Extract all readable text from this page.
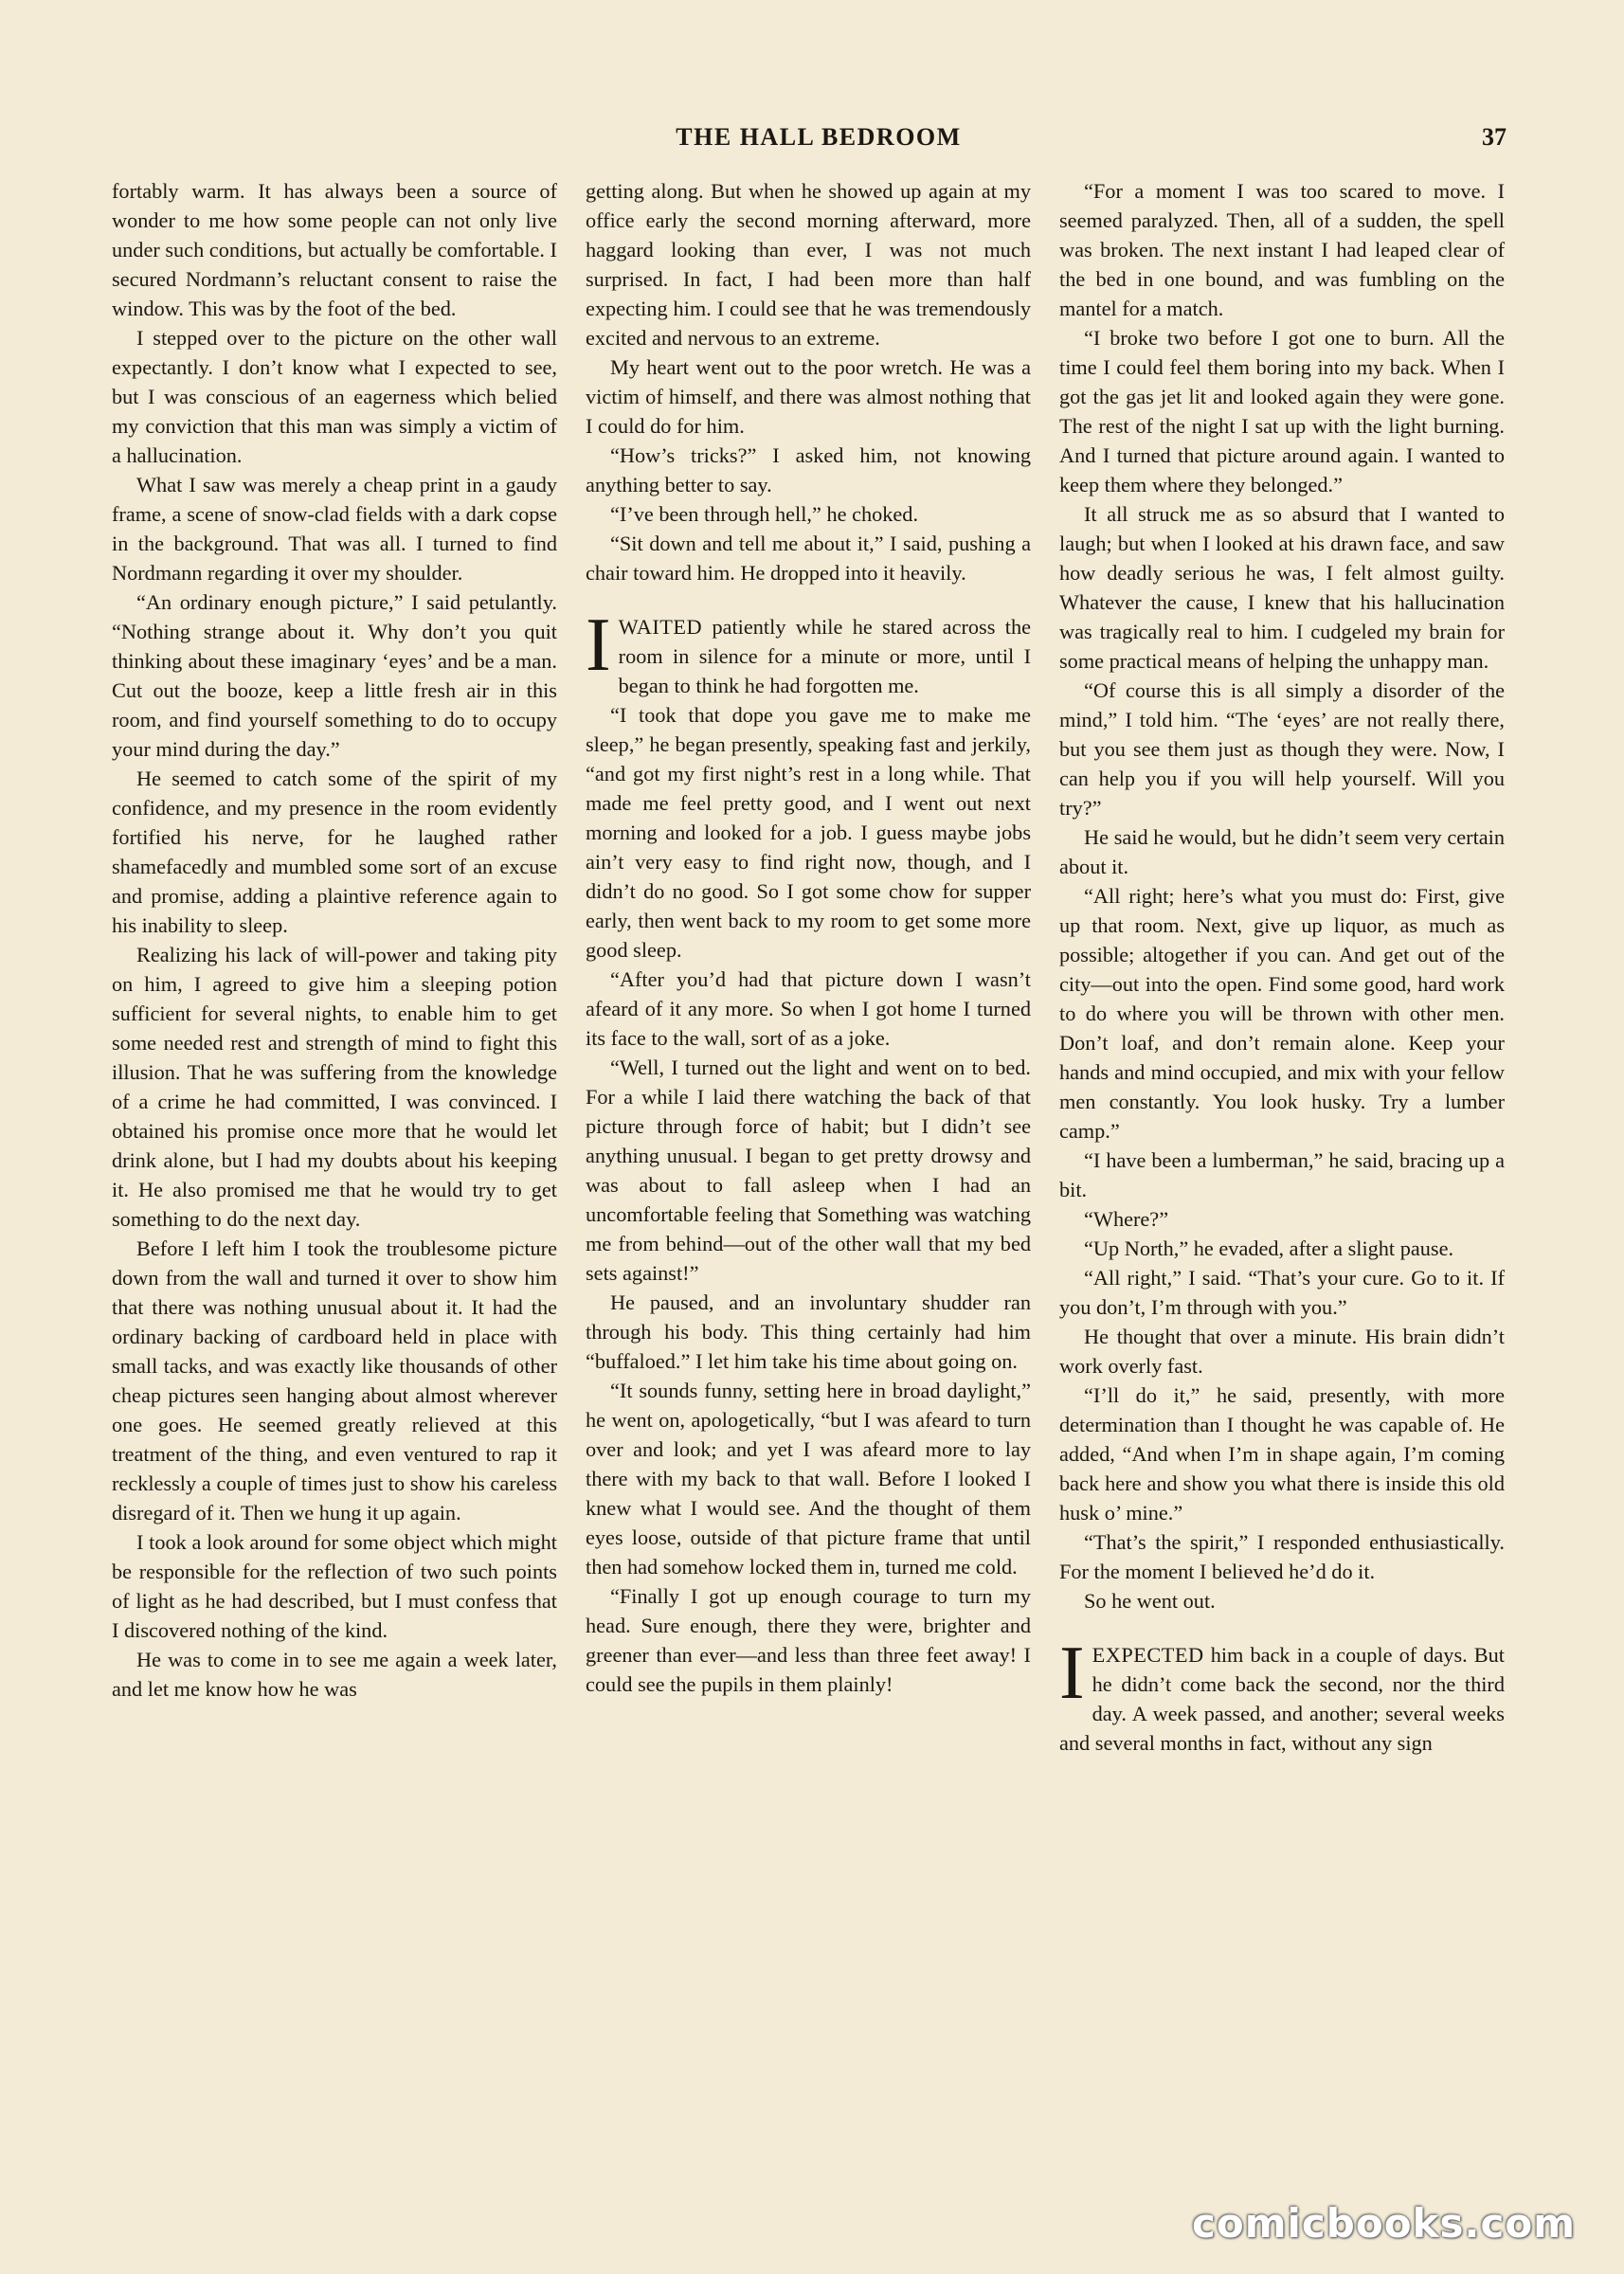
THE HALL BEDROOM	37

fortably warm. It has always been a source of wonder to me how some people can not only live under such conditions, but actually be comfortable. I secured Nordmann’s reluctant consent to raise the window. This was by the foot of the bed.

I stepped over to the picture on the other wall expectantly. I don’t know what I expected to see, but I was conscious of an eagerness which belied my conviction that this man was simply a victim of a hallucination.

What I saw was merely a cheap print in a gaudy frame, a scene of snow-clad fields with a dark copse in the background. That was all. I turned to find Nordmann regarding it over my shoulder.

“An ordinary enough picture,” I said petulantly. “Nothing strange about it. Why don’t you quit thinking about these imaginary ‘eyes’ and be a man. Cut out the booze, keep a little fresh air in this room, and find yourself something to do to occupy your mind during the day.”

He seemed to catch some of the spirit of my confidence, and my presence in the room evidently fortified his nerve, for he laughed rather shamefacedly and mumbled some sort of an excuse and promise, adding a plaintive reference again to his inability to sleep.

Realizing his lack of will-power and taking pity on him, I agreed to give him a sleeping potion sufficient for several nights, to enable him to get some needed rest and strength of mind to fight this illusion. That he was suffering from the knowledge of a crime he had committed, I was convinced. I obtained his promise once more that he would let drink alone, but I had my doubts about his keeping it. He also promised me that he would try to get something to do the next day.

Before I left him I took the troublesome picture down from the wall and turned it over to show him that there was nothing unusual about it. It had the ordinary backing of cardboard held in place with small tacks, and was exactly like thousands of other cheap pictures seen hanging about almost wherever one goes. He seemed greatly relieved at this treatment of the thing, and even ventured to rap it recklessly a couple of times just to show his careless disregard of it. Then we hung it up again.

I took a look around for some object which might be responsible for the reflection of two such points of light as he had described, but I must confess that I discovered nothing of the kind.

He was to come in to see me again a week later, and let me know how he was

getting along. But when he showed up again at my office early the second morning afterward, more haggard looking than ever, I was not much surprised. In fact, I had been more than half expecting him. I could see that he was tremendously excited and nervous to an extreme.

My heart went out to the poor wretch. He was a victim of himself, and there was almost nothing that I could do for him.

“How’s tricks?” I asked him, not knowing anything better to say.

“I’ve been through hell,” he choked.

“Sit down and tell me about it,” I said, pushing a chair toward him. He dropped into it heavily.

IWAITED patiently while he stared across the room in silence for a minute or more, until I began to think he had forgotten me.

“I took that dope you gave me to make me sleep,” he began presently, speaking fast and jerkily, “and got my first night’s rest in a long while. That made me feel pretty good, and I went out next morning and looked for a job. I guess maybe jobs ain’t very easy to find right now, though, and I didn’t do no good. So I got some chow for supper early, then went back to my room to get some more good sleep.

“After you’d had that picture down I wasn’t afeard of it any more. So when I got home I turned its face to the wall, sort of as a joke.

“Well, I turned out the light and went on to bed. For a while I laid there watching the back of that picture through force of habit; but I didn’t see anything unusual. I began to get pretty drowsy and was about to fall asleep when I had an uncomfortable feeling that Something was watching me from behind—out of the other wall that my bed sets against!”

He paused, and an involuntary shudder ran through his body. This thing certainly had him “buffaloed.” I let him take his time about going on.

“It sounds funny, setting here in broad daylight,” he went on, apologetically, “but I was afeard to turn over and look; and yet I was afeard more to lay there with my back to that wall. Before I looked I knew what I would see. And the thought of them eyes loose, outside of that picture frame that until then had somehow locked them in, turned me cold.

“Finally I got up enough courage to turn my head. Sure enough, there they were, brighter and greener than ever—and less than three feet away! I could see the pupils in them plainly!

“For a moment I was too scared to move. I seemed paralyzed. Then, all of a sudden, the spell was broken. The next instant I had leaped clear of the bed in one bound, and was fumbling on the mantel for a match.

“I broke two before I got one to burn. All the time I could feel them boring into my back. When I got the gas jet lit and looked again they were gone. The rest of the night I sat up with the light burning. And I turned that picture around again. I wanted to keep them where they belonged.”

It all struck me as so absurd that I wanted to laugh; but when I looked at his drawn face, and saw how deadly serious he was, I felt almost guilty. Whatever the cause, I knew that his hallucination was tragically real to him. I cudgeled my brain for some practical means of helping the unhappy man.

“Of course this is all simply a disorder of the mind,” I told him. “The ‘eyes’ are not really there, but you see them just as though they were. Now, I can help you if you will help yourself. Will you try?”

He said he would, but he didn’t seem very certain about it.

“All right; here’s what you must do: First, give up that room. Next, give up liquor, as much as possible; altogether if you can. And get out of the city—out into the open. Find some good, hard work to do where you will be thrown with other men. Don’t loaf, and don’t remain alone. Keep your hands and mind occupied, and mix with your fellow men constantly. You look husky. Try a lumber camp.”

“I have been a lumberman,” he said, bracing up a bit.

“Where?”

“Up North,” he evaded, after a slight pause.

“All right,” I said. “That’s your cure. Go to it. If you don’t, I’m through with you.”

He thought that over a minute. His brain didn’t work overly fast.

“I’ll do it,” he said, presently, with more determination than I thought he was capable of. He added, “And when I’m in shape again, I’m coming back here and show you what there is inside this old husk o’ mine.”

“That’s the spirit,” I responded enthusiastically. For the moment I believed he’d do it.

So he went out.

IEXPECTED him back in a couple of days. But he didn’t come back the second, nor the third day. A week passed, and another; several weeks and several months in fact, without any sign

comicbooks.com
